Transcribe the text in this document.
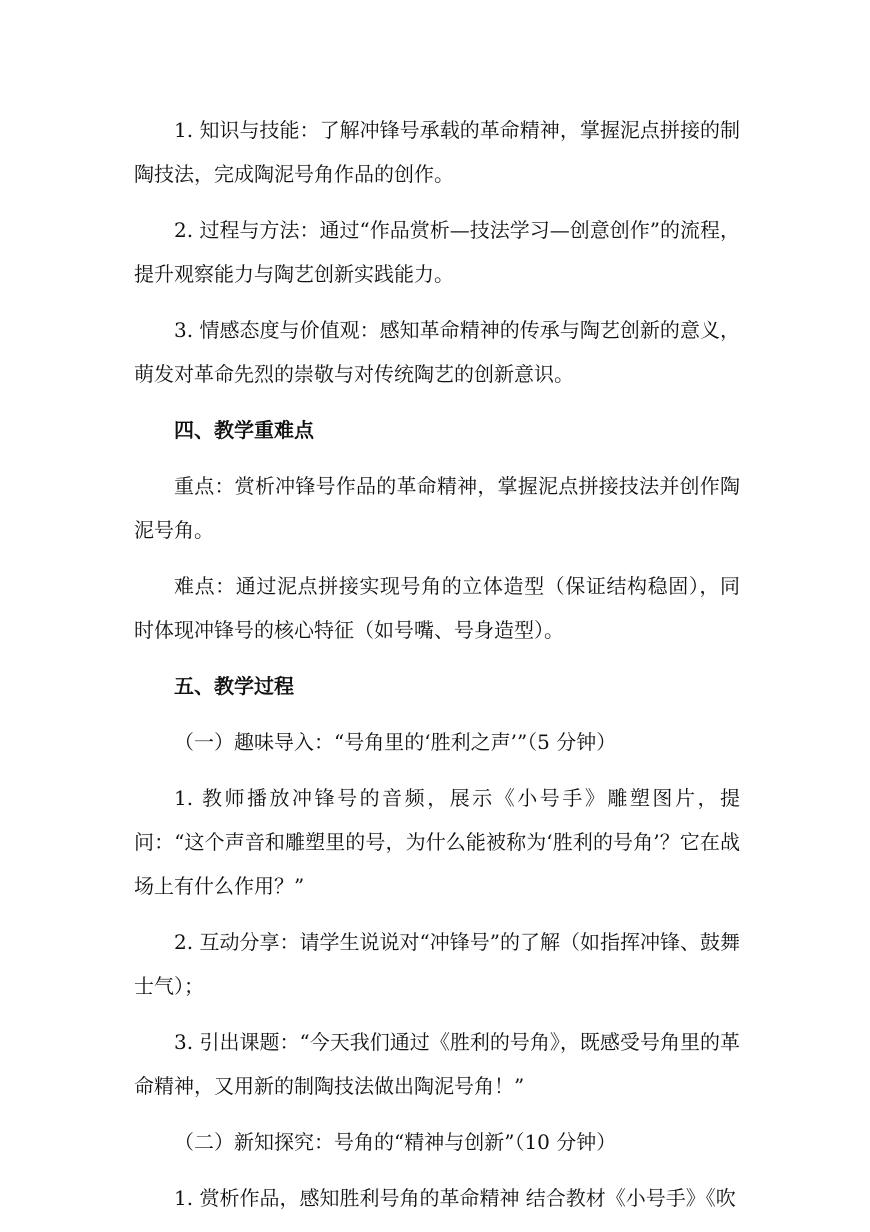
1. 知识与技能：了解冲锋号承载的革命精神，掌握泥点拼接的制陶技法，完成陶泥号角作品的创作。

2. 过程与方法：通过“作品赏析—技法学习—创意创作”的流程，提升观察能力与陶艺创新实践能力。

3. 情感态度与价值观：感知革命精神的传承与陶艺创新的意义，萌发对革命先烈的崇敬与对传统陶艺的创新意识。

四、教学重难点

重点：赏析冲锋号作品的革命精神，掌握泥点拼接技法并创作陶泥号角。

难点：通过泥点拼接实现号角的立体造型（保证结构稳固），同时体现冲锋号的核心特征（如号嘴、号身造型）。

五、教学过程

（一）趣味导入：“号角里的‘胜利之声’”（5 分钟）

1. 教师播放冲锋号的音频，展示《小号手》雕塑图片，提问：“这个声音和雕塑里的号，为什么能被称为‘胜利的号角’？它在战场上有什么作用？”

2. 互动分享：请学生说说对“冲锋号”的了解（如指挥冲锋、鼓舞士气）；

3. 引出课题：“今天我们通过《胜利的号角》，既感受号角里的革命精神，又用新的制陶技法做出陶泥号角！”

（二）新知探究：号角的“精神与创新”（10 分钟）

1. 赏析作品，感知胜利号角的革命精神 结合教材《小号手》《吹
